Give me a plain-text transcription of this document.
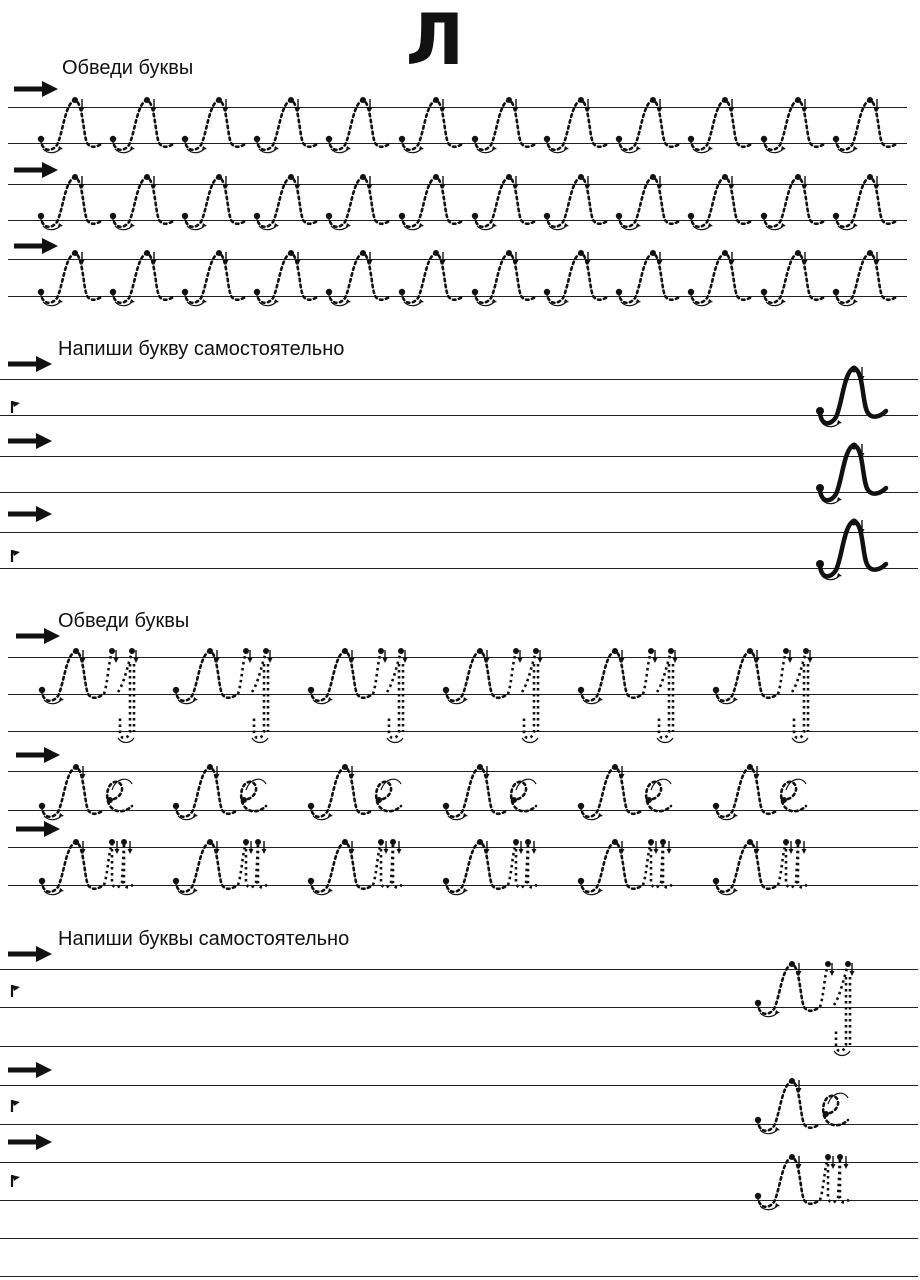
Л
Обведи буквы
Напиши букву самостоятельно
Обведи буквы
Напиши буквы самостоятельно
